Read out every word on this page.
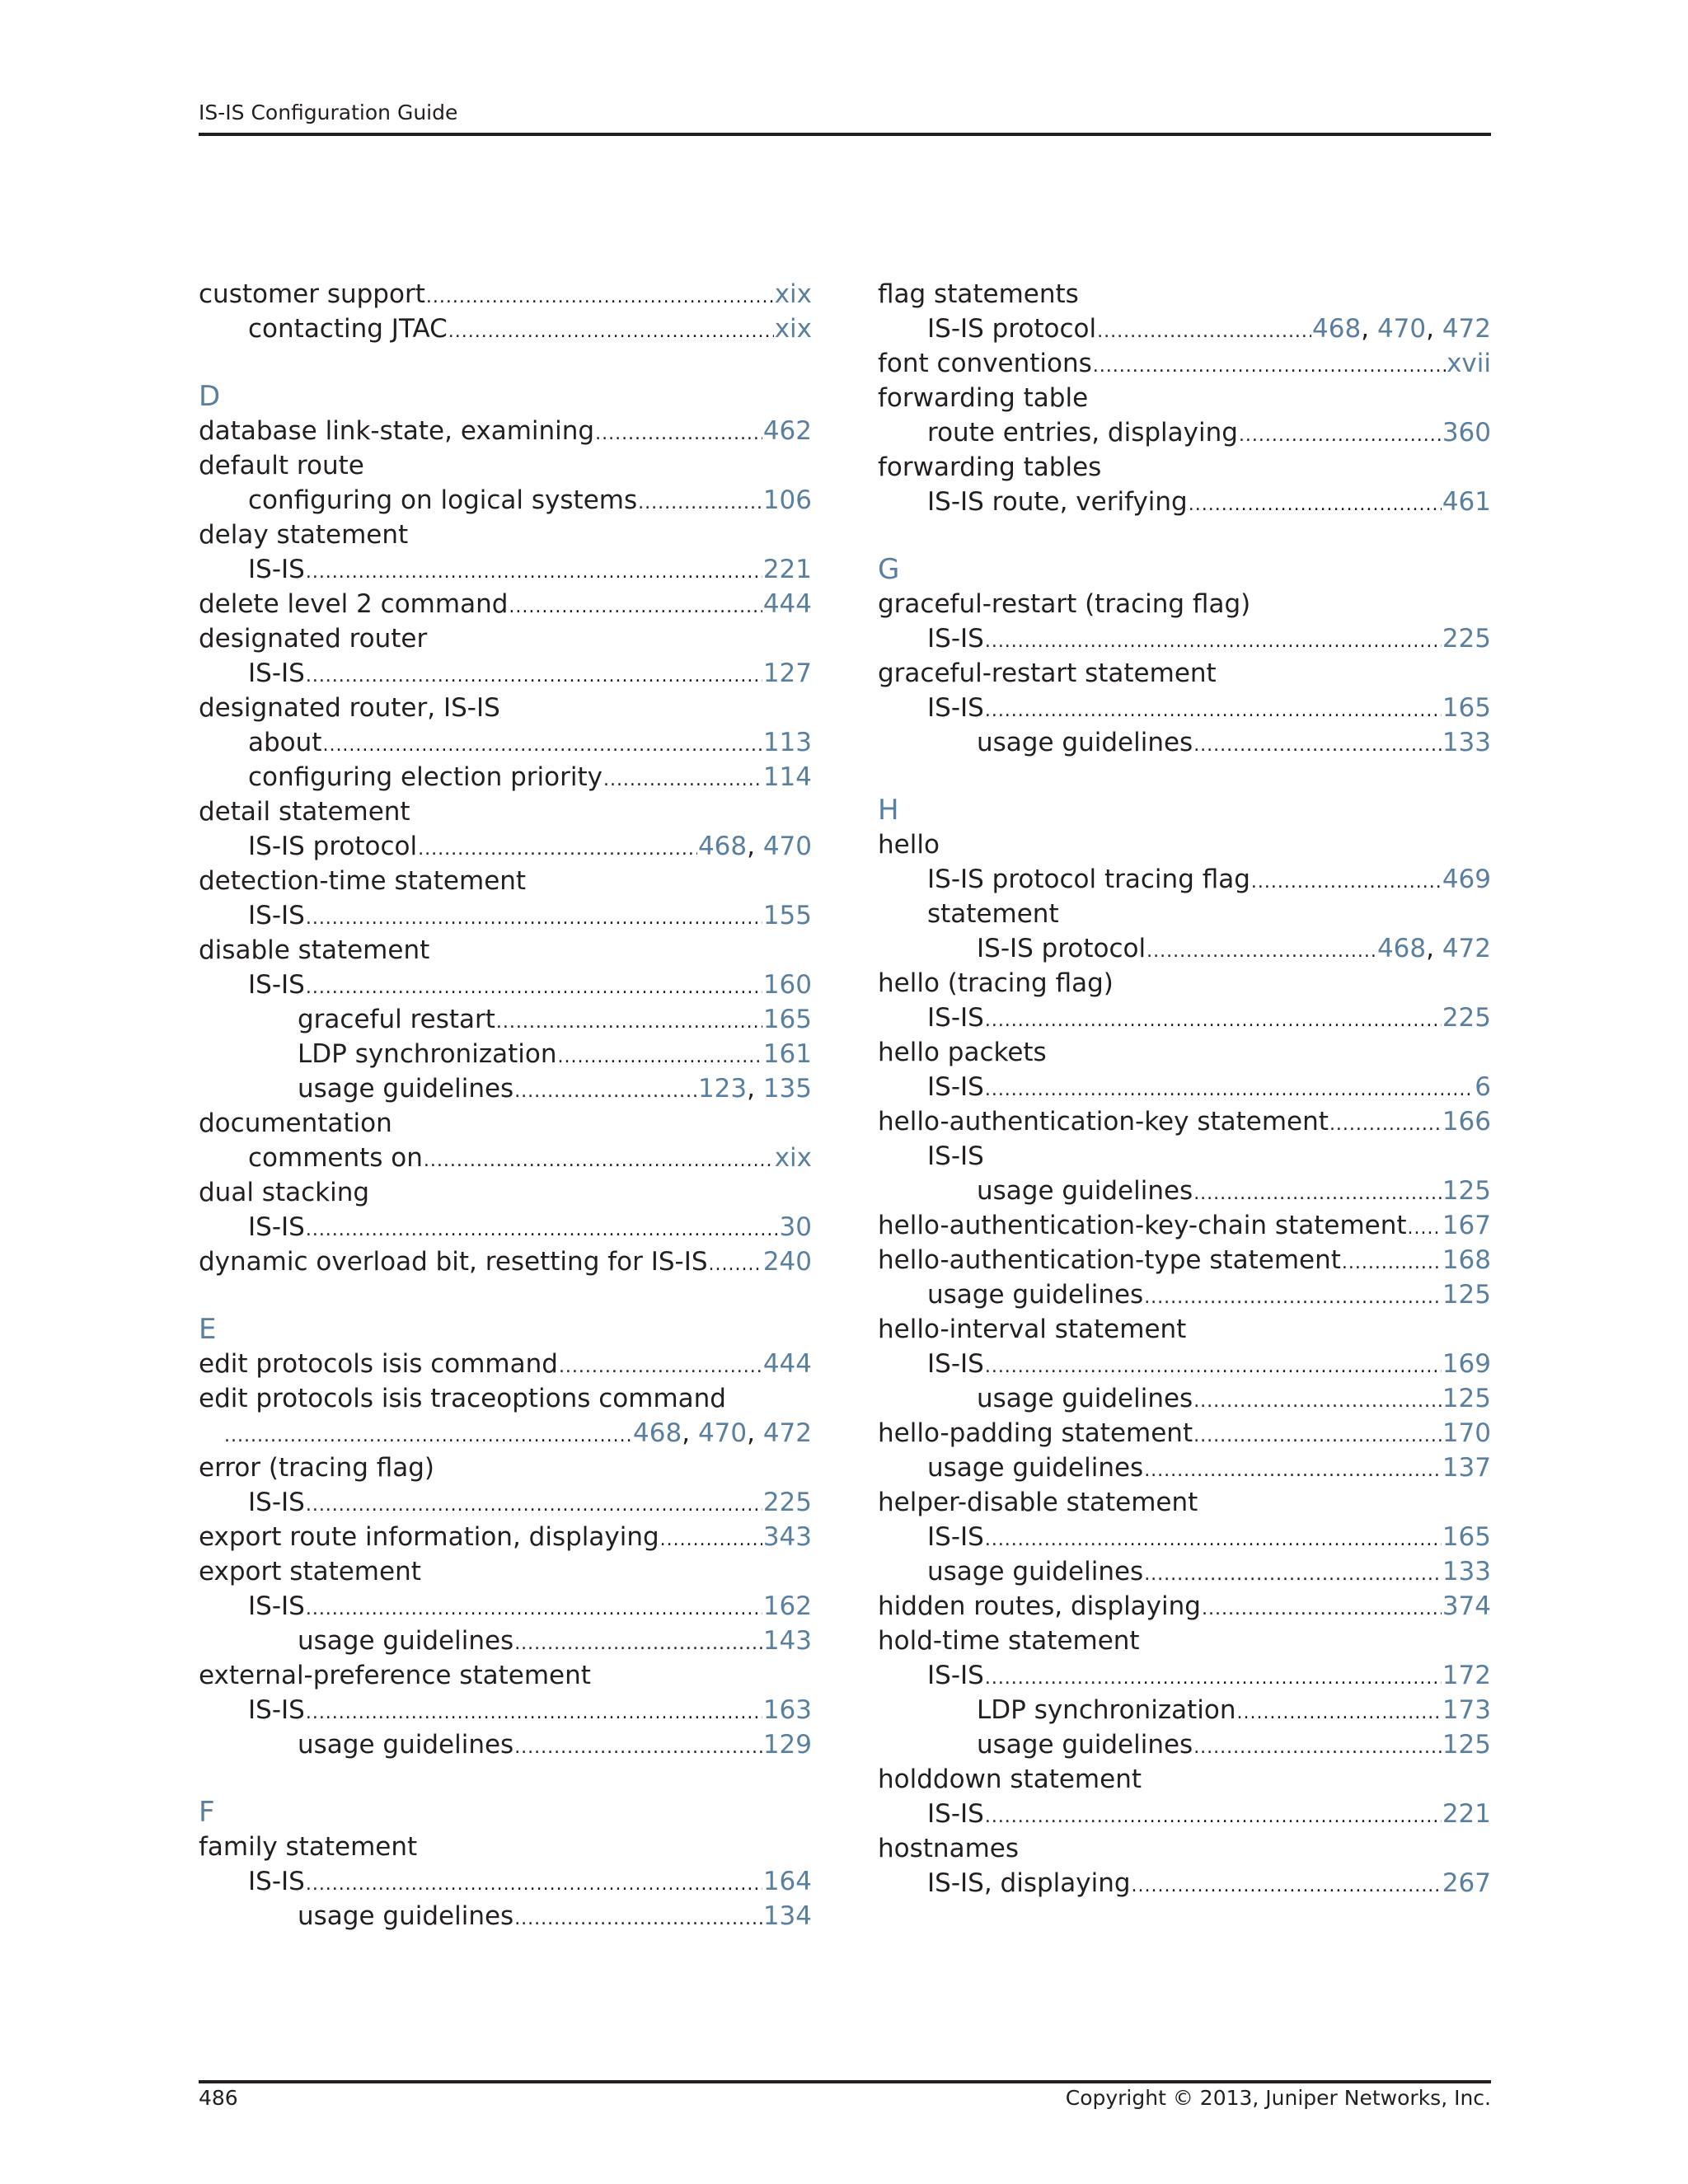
IS-IS Configuration Guide
customer support .....	xix
contacting JTAC .....	xix
D
database link-state, examining .....	462
default route
configuring on logical systems .....	106
delay statement
IS-IS .....	221
delete level 2 command .....	444
designated router
IS-IS .....	127
designated router, IS-IS
about .....	113
configuring election priority .....	114
detail statement
IS-IS protocol .....	468, 470
detection-time statement
IS-IS .....	155
disable statement
IS-IS .....	160
graceful restart .....	165
LDP synchronization .....	161
usage guidelines .....	123, 135
documentation
comments on .....	xix
dual stacking
IS-IS .....	30
dynamic overload bit, resetting for IS-IS ..... 240
E
edit protocols isis command .....	444
edit protocols isis traceoptions command
.....
468, 470, 472
error (tracing flag)
IS-IS .....	225
export route information, displaying .....	343
export statement
IS-IS .....	162
usage guidelines .....	143
external-preference statement
IS-IS .....	163
usage guidelines .....	129
F
family statement
IS-IS .....	164
usage guidelines .....	134
flag statements
IS-IS protocol .....	468, 470, 472
font conventions .....	xvii
forwarding table
route entries, displaying .....	360
forwarding tables
IS-IS route, verifying .....	461
G
graceful-restart (tracing flag)
IS-IS .....	225
graceful-restart statement
IS-IS .....	165
usage guidelines .....	133
H
hello
IS-IS protocol tracing flag .....	469
statement
IS-IS protocol .....	468, 472
hello (tracing flag)
IS-IS .....	225
hello packets
IS-IS .....	6
hello-authentication-key statement .....	166
IS-IS
usage guidelines .....	125
hello-authentication-key-chain statement ..... 167
hello-authentication-type statement .....	168
usage guidelines .....	125
hello-interval statement
IS-IS .....	169
usage guidelines .....	125
hello-padding statement .....	170
usage guidelines .....	137
helper-disable statement
IS-IS .....	165
usage guidelines .....	133
hidden routes, displaying .....	374
hold-time statement
IS-IS .....	172
LDP synchronization .....	173
usage guidelines .....	125
holddown statement
IS-IS .....	221
hostnames
IS-IS, displaying .....	267
486	Copyright © 2013, Juniper Networks, Inc.
